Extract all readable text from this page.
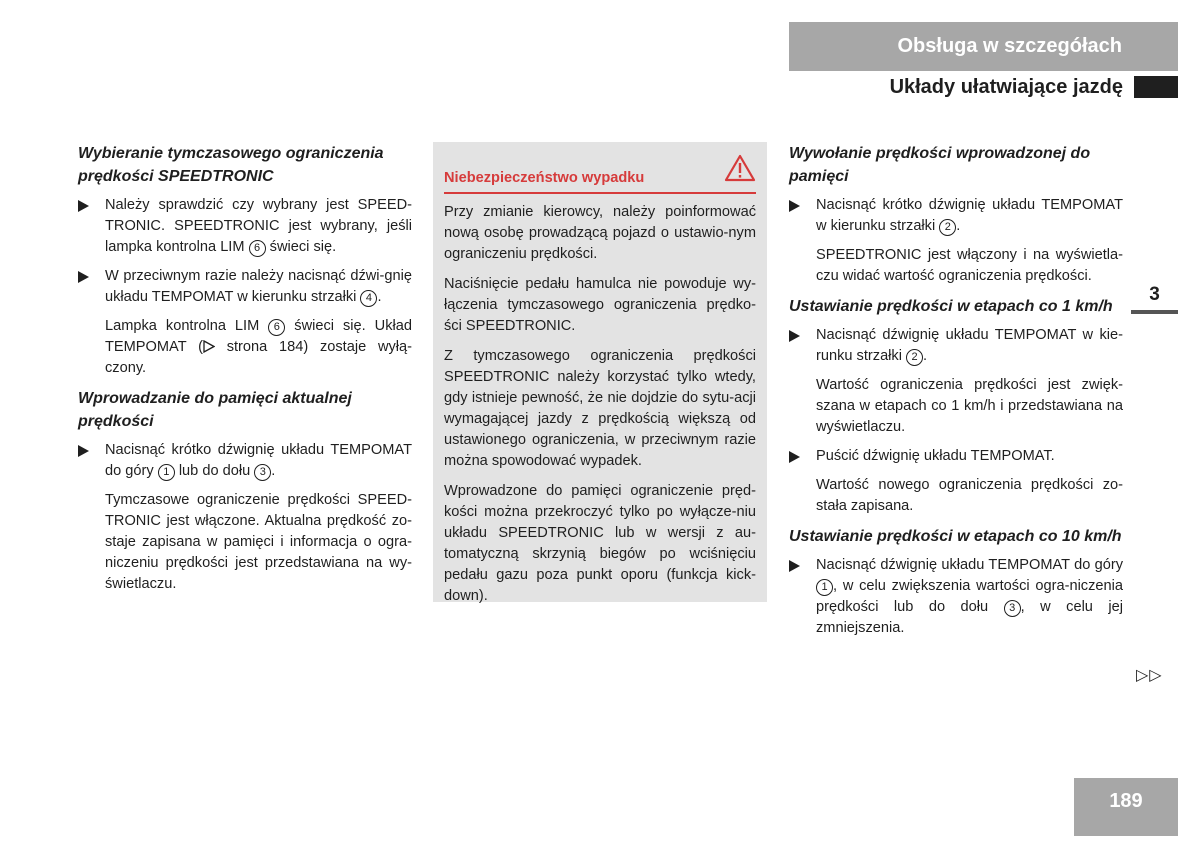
Obsługa w szczegółach
Układy ułatwiające jazdę
3
Wybieranie tymczasowego ograniczenia prędkości SPEEDTRONIC
Należy sprawdzić czy wybrany jest SPEED-TRONIC. SPEEDTRONIC jest wybrany, jeśli lampka kontrolna LIM 6 świeci się.
W przeciwnym razie należy nacisnąć dźwi-gnię układu TEMPOMAT w kierunku strzałki 4 .
Lampka kontrolna LIM 6 świeci się. Układ TEMPOMAT ( strona 184) zostaje wyłą-czony.
Wprowadzanie do pamięci aktualnej prędkości
Nacisnąć krótko dźwignię układu TEMPOMAT do góry 1 lub do dołu 3 .
Tymczasowe ograniczenie prędkości SPEED-TRONIC jest włączone. Aktualna prędkość zo-staje zapisana w pamięci i informacja o ogra-niczeniu prędkości jest przedstawiana na wy-świetlaczu.
Niebezpieczeństwo wypadku

Przy zmianie kierowcy, należy poinformować nową osobę prowadzącą pojazd o ustawio-nym ograniczeniu prędkości.

Naciśnięcie pedału hamulca nie powoduje wy-łączenia tymczasowego ograniczenia prędko-ści SPEEDTRONIC.

Z tymczasowego ograniczenia prędkości SPEEDTRONIC należy korzystać tylko wtedy, gdy istnieje pewność, że nie dojdzie do sytu-acji wymagającej jazdy z prędkością większą od ustawionego ograniczenia, w przeciwnym razie można spowodować wypadek.

Wprowadzone do pamięci ograniczenie pręd-kości można przekroczyć tylko po wyłącze-niu układu SPEEDTRONIC lub w wersji z au-tomatyczną skrzynią biegów po wciśnięciu pedału gazu poza punkt oporu (funkcja kick-down).

Wywołanie prędkości wprowadzonej do pamięci
Nacisnąć krótko dźwignię układu TEMPOMAT w kierunku strzałki 2 .
SPEEDTRONIC jest włączony i na wyświetla-czu widać wartość ograniczenia prędkości.
Ustawianie prędkości w etapach co 1 km/h
Nacisnąć dźwignię układu TEMPOMAT w kie-runku strzałki 2 .
Wartość ograniczenia prędkości jest zwięk-szana w etapach co 1 km/h i przedstawiana na wyświetlaczu.
Puścić dźwignię układu TEMPOMAT.
Wartość nowego ograniczenia prędkości zo-stała zapisana.
Ustawianie prędkości w etapach co 10 km/h
Nacisnąć dźwignię układu TEMPOMAT do góry 1 , w celu zwiększenia wartości ogra-niczenia prędkości lub do dołu 3 , w celu jej zmniejszenia.
▷▷
189
